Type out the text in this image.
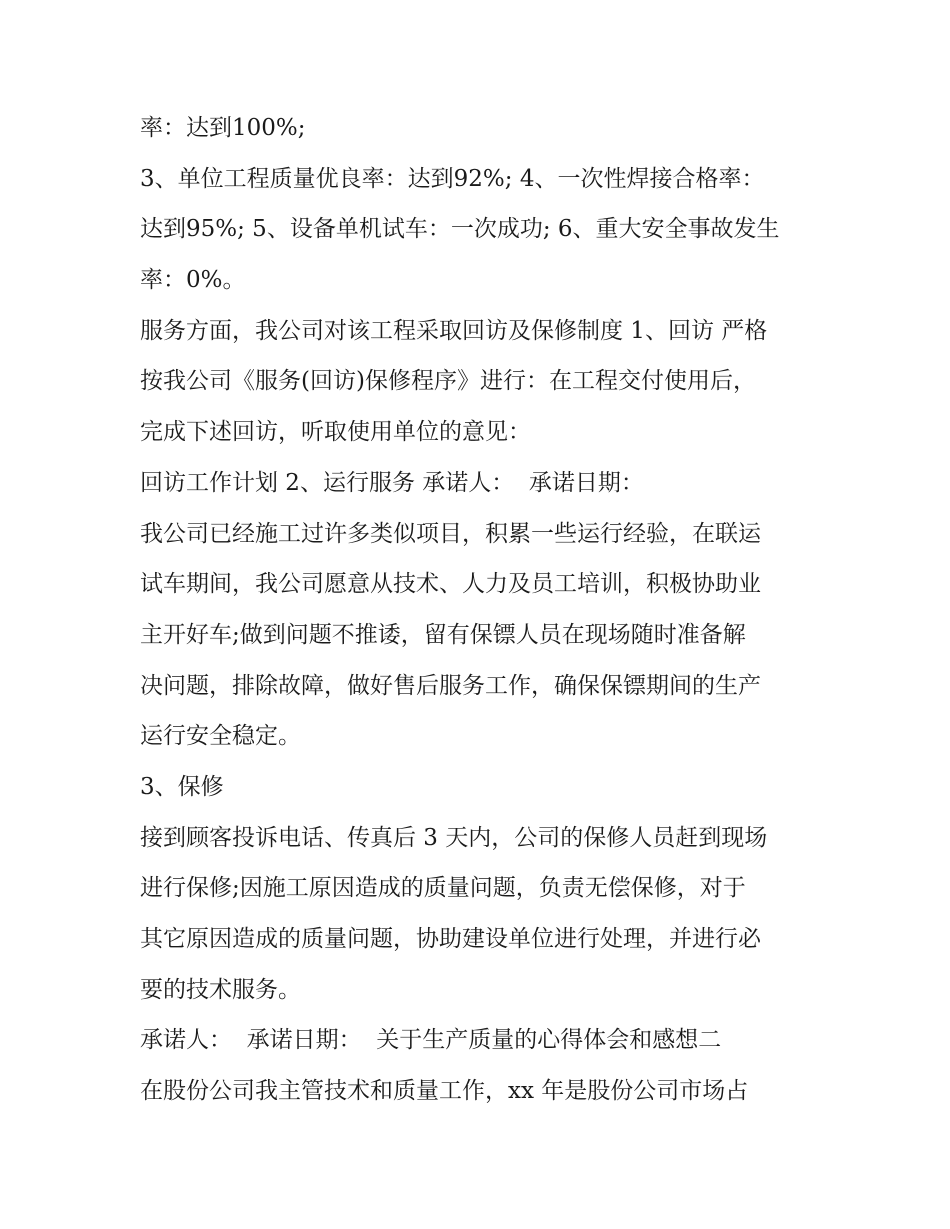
率：达到100%;
3、单位工程质量优良率：达到92%; 4、一次性焊接合格率：
达到95%; 5、设备单机试车：一次成功; 6、重大安全事故发生
率：0%。
服务方面，我公司对该工程采取回访及保修制度 1、回访 严格
按我公司《服务(回访)保修程序》进行：在工程交付使用后，
完成下述回访，听取使用单位的意见：
回访工作计划 2、运行服务 承诺人：  承诺日期：
我公司已经施工过许多类似项目，积累一些运行经验，在联运
试车期间，我公司愿意从技术、人力及员工培训，积极协助业
主开好车;做到问题不推诿，留有保镖人员在现场随时准备解
决问题，排除故障，做好售后服务工作，确保保镖期间的生产
运行安全稳定。
3、保修
接到顾客投诉电话、传真后 3 天内，公司的保修人员赶到现场
进行保修;因施工原因造成的质量问题，负责无偿保修，对于
其它原因造成的质量问题，协助建设单位进行处理，并进行必
要的技术服务。
承诺人：  承诺日期：  关于生产质量的心得体会和感想二
在股份公司我主管技术和质量工作，xx 年是股份公司市场占
